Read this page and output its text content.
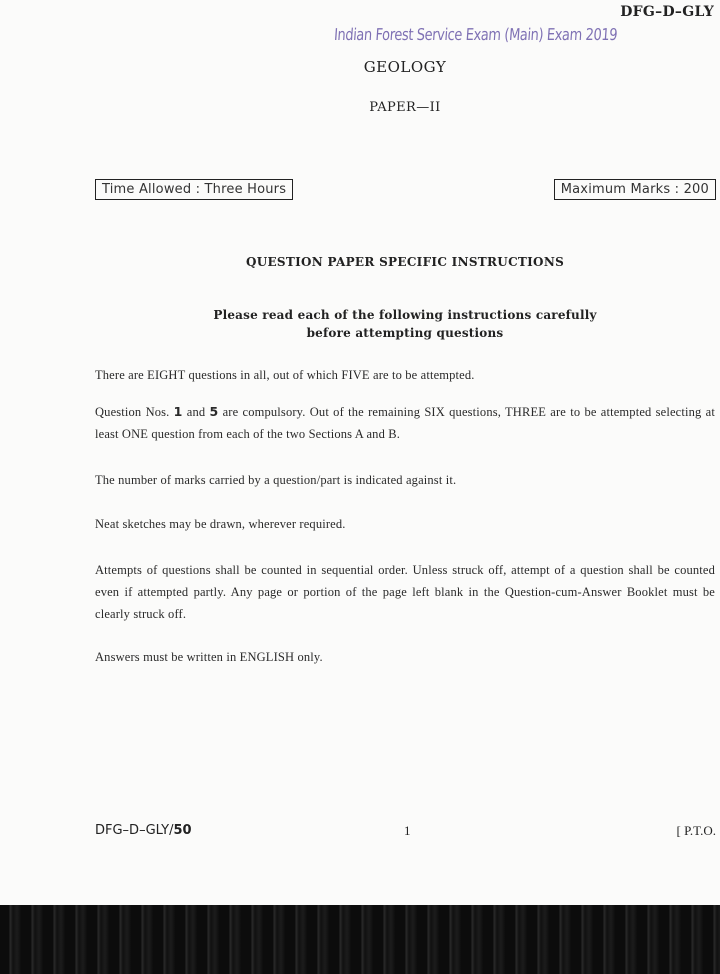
DFG–D–GLY
Indian Forest Service Exam (Main) Exam 2019
GEOLOGY
PAPER—II
Time Allowed : Three Hours	Maximum Marks : 200
QUESTION PAPER SPECIFIC INSTRUCTIONS
Please read each of the following instructions carefully
before attempting questions
There are EIGHT questions in all, out of which FIVE are to be attempted.
Question Nos. 1 and 5 are compulsory. Out of the remaining SIX questions, THREE are to be attempted selecting at least ONE question from each of the two Sections A and B.
The number of marks carried by a question/part is indicated against it.
Neat sketches may be drawn, wherever required.
Attempts of questions shall be counted in sequential order. Unless struck off, attempt of a question shall be counted even if attempted partly. Any page or portion of the page left blank in the Question-cum-Answer Booklet must be clearly struck off.
Answers must be written in ENGLISH only.
DFG–D–GLY/50	1	[ P.T.O.
